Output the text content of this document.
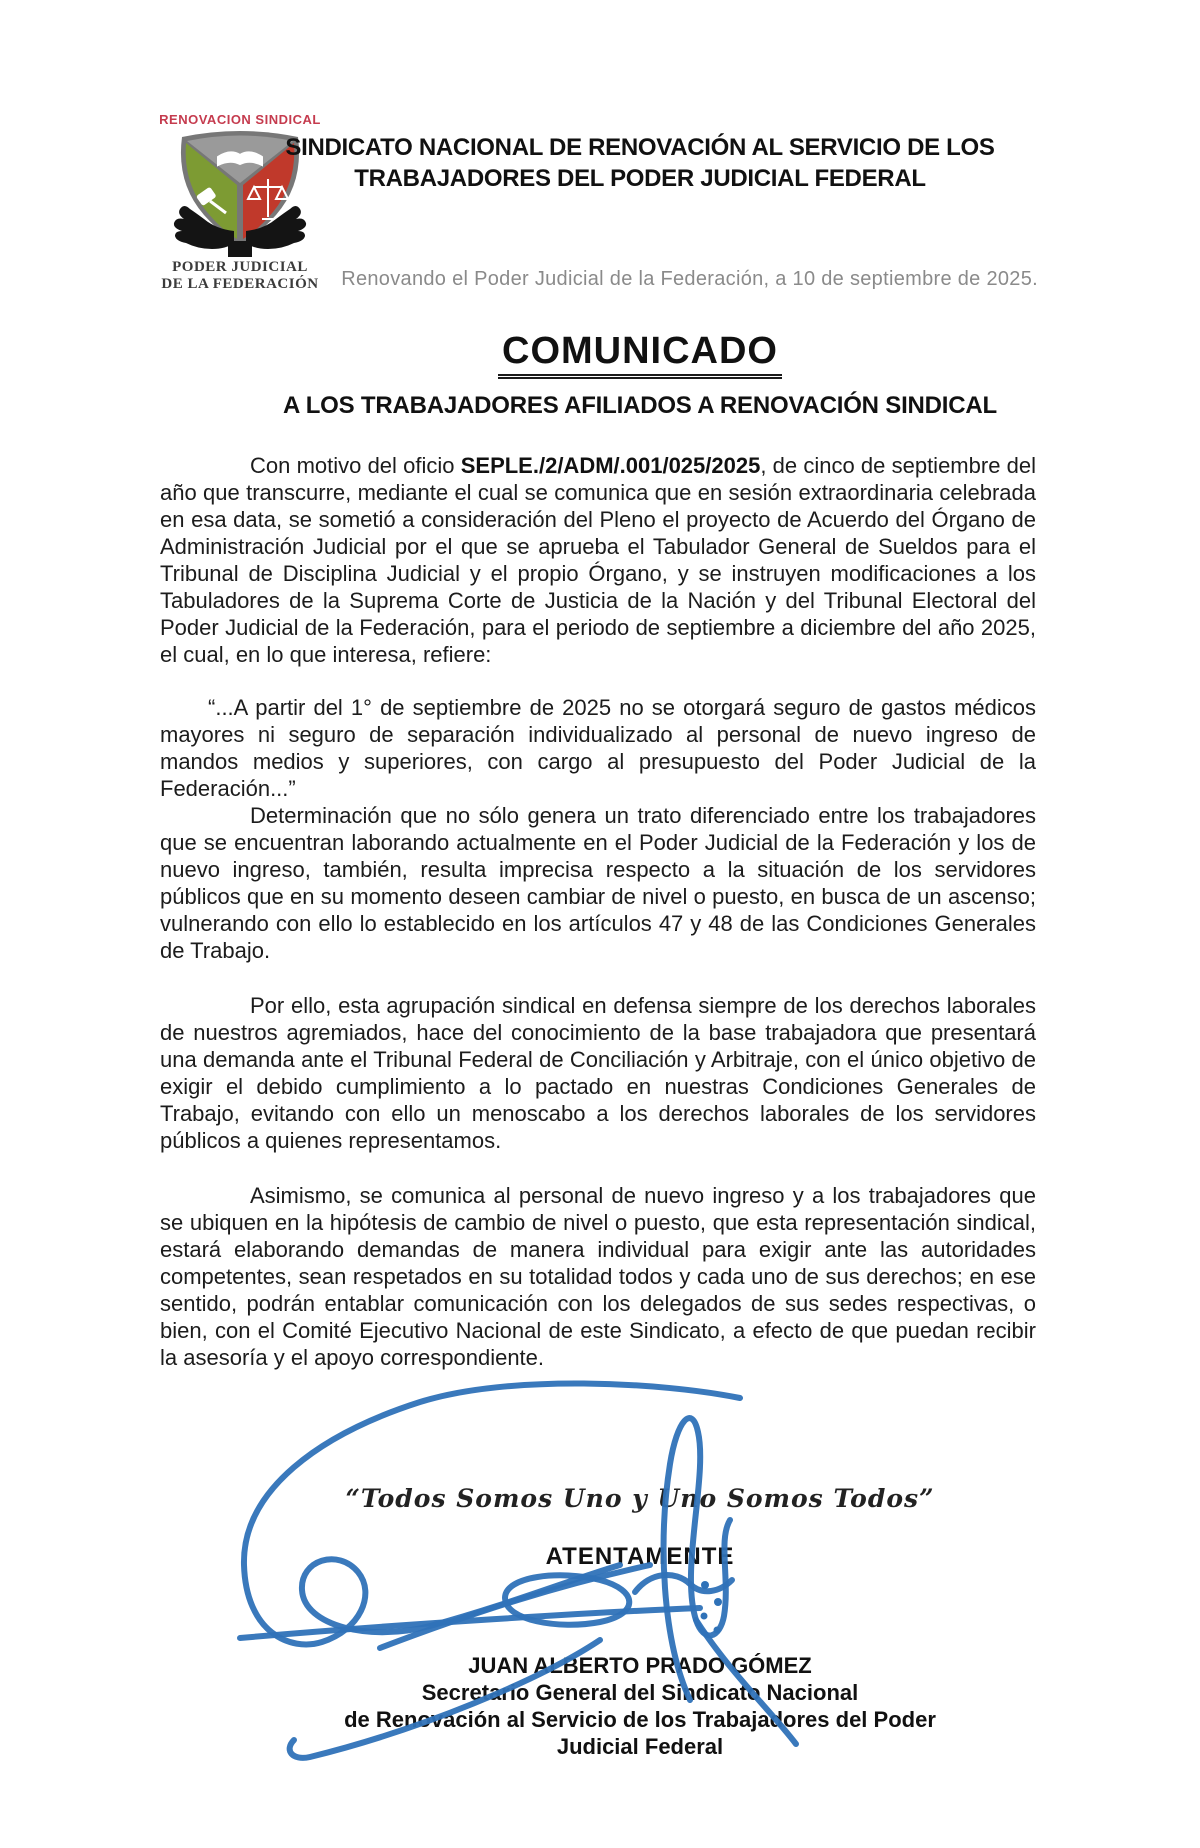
RENOVACION SINDICAL
PODER JUDICIAL
DE LA FEDERACIÓN
SINDICATO NACIONAL DE RENOVACIÓN AL SERVICIO DE LOS
TRABAJADORES DEL PODER JUDICIAL FEDERAL
Renovando el Poder Judicial de la Federación, a 10 de septiembre de 2025.
COMUNICADO
A LOS TRABAJADORES AFILIADOS A RENOVACIÓN SINDICAL

Con motivo del oficio SEPLE./2/ADM/.001/025/2025, de cinco de septiembre del año que transcurre, mediante el cual se comunica que en sesión extraordinaria celebrada en esa data, se sometió a consideración del Pleno el proyecto de Acuerdo del Órgano de Administración Judicial por el que se aprueba el Tabulador General de Sueldos para el Tribunal de Disciplina Judicial y el propio Órgano, y se instruyen modificaciones a los Tabuladores de la Suprema Corte de Justicia de la Nación y del Tribunal Electoral del Poder Judicial de la Federación, para el periodo de septiembre a diciembre del año 2025, el cual, en lo que interesa, refiere:

“...A partir del 1° de septiembre de 2025 no se otorgará seguro de gastos médicos mayores ni seguro de separación individualizado al personal de nuevo ingreso de mandos medios y superiores, con cargo al presupuesto del Poder Judicial de la Federación...”

Determinación que no sólo genera un trato diferenciado entre los trabajadores que se encuentran laborando actualmente en el Poder Judicial de la Federación y los de nuevo ingreso, también, resulta imprecisa respecto a la situación de los servidores públicos que en su momento deseen cambiar de nivel o puesto, en busca de un ascenso; vulnerando con ello lo establecido en los artículos 47 y 48 de las Condiciones Generales de Trabajo.

Por ello, esta agrupación sindical en defensa siempre de los derechos laborales de nuestros agremiados, hace del conocimiento de la base trabajadora que presentará una demanda ante el Tribunal Federal de Conciliación y Arbitraje, con el único objetivo de exigir el debido cumplimiento a lo pactado en nuestras Condiciones Generales de Trabajo, evitando con ello un menoscabo a los derechos laborales de los servidores públicos a quienes representamos.

Asimismo, se comunica al personal de nuevo ingreso y a los trabajadores que se ubiquen en la hipótesis de cambio de nivel o puesto, que esta representación sindical, estará elaborando demandas de manera individual para exigir ante las autoridades competentes, sean respetados en su totalidad todos y cada uno de sus derechos; en ese sentido, podrán entablar comunicación con los delegados de sus sedes respectivas, o bien, con el Comité Ejecutivo Nacional de este Sindicato, a efecto de que puedan recibir la asesoría y el apoyo correspondiente.

“Todos Somos Uno y Uno Somos Todos”
ATENTAMENTE
JUAN ALBERTO PRADO GÓMEZ
Secretario General del Sindicato Nacional
de Renovación al Servicio de los Trabajadores del Poder
Judicial Federal
